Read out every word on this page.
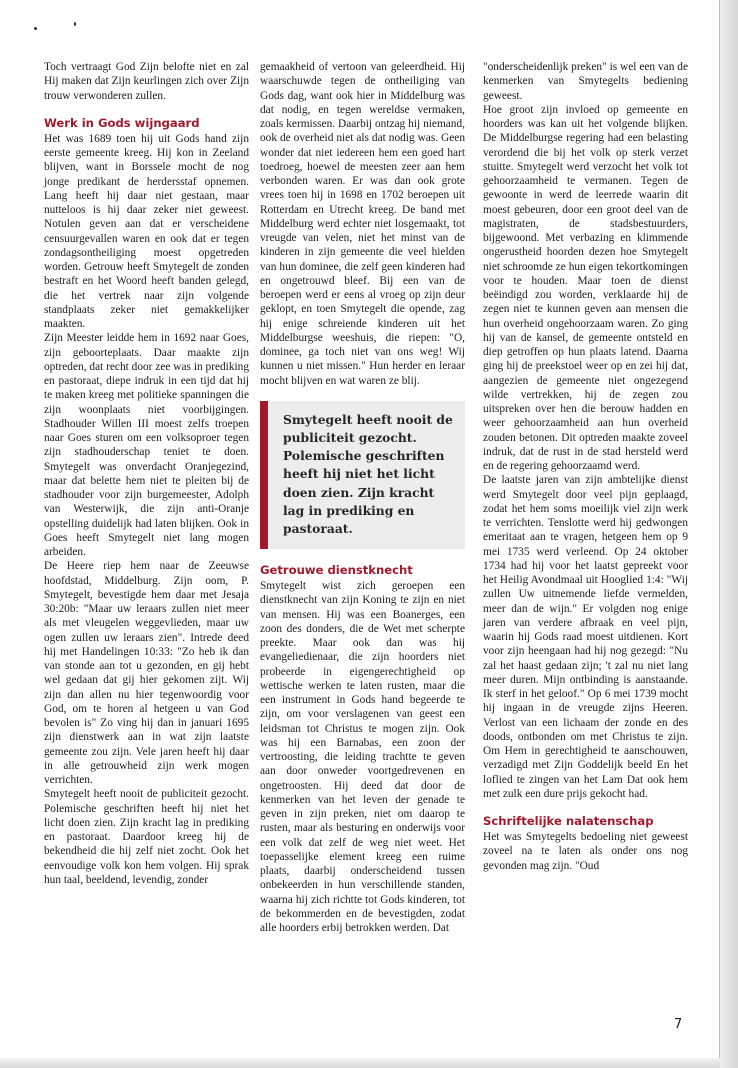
Toch vertraagt God Zijn belofte niet en zal Hij maken dat Zijn keurlingen zich over Zijn trouw verwonderen zullen.

Werk in Gods wijngaard

Het was 1689 toen hij uit Gods hand zijn eerste gemeente kreeg. Hij kon in Zeeland blijven, want in Borssele mocht de nog jonge predikant de herdersstaf opnemen. Lang heeft hij daar niet gestaan, maar nutteloos is hij daar zeker niet geweest. Notulen geven aan dat er verscheidene censuurgevallen waren en ook dat er tegen zondagsontheiliging moest opgetreden worden. Getrouw heeft Smytegelt de zonden bestraft en het Woord heeft banden gelegd, die het vertrek naar zijn volgende standplaats zeker niet gemakkelijker maakten.

Zijn Meester leidde hem in 1692 naar Goes, zijn geboorteplaats. Daar maakte zijn optreden, dat recht door zee was in prediking en pastoraat, diepe indruk in een tijd dat hij te maken kreeg met politieke spanningen die zijn woonplaats niet voorbijgingen. Stadhouder Willen III moest zelfs troepen naar Goes sturen om een volksoproer tegen zijn stadhouderschap teniet te doen. Smytegelt was onverdacht Oranjegezind, maar dat belette hem niet te pleiten bij de stadhouder voor zijn burgemeester, Adolph van Westerwijk, die zijn anti-Oranje opstelling duidelijk had laten blijken. Ook in Goes heeft Smytegelt niet lang mogen arbeiden.

De Heere riep hem naar de Zeeuwse hoofdstad, Middelburg. Zijn oom, P. Smytegelt, bevestigde hem daar met Jesaja 30:20b: "Maar uw leraars zullen niet meer als met vleugelen weggevlieden, maar uw ogen zullen uw leraars zien". Intrede deed hij met Handelingen 10:33: "Zo heb ik dan van stonde aan tot u gezonden, en gij hebt wel gedaan dat gij hier gekomen zijt. Wij zijn dan allen nu hier tegenwoordig voor God, om te horen al hetgeen u van God bevolen is" Zo ving hij dan in januari 1695 zijn dienstwerk aan in wat zijn laatste gemeente zou zijn. Vele jaren heeft hij daar in alle getrouwheid zijn werk mogen verrichten.

Smytegelt heeft nooit de publiciteit gezocht. Polemische geschriften heeft hij niet het licht doen zien. Zijn kracht lag in prediking en pastoraat. Daardoor kreeg hij de bekendheid die hij zelf niet zocht. Ook het eenvoudige volk kon hem volgen. Hij sprak hun taal, beeldend, levendig, zonder

gemaakheid of vertoon van geleerdheid. Hij waarschuwde tegen de ontheiliging van Gods dag, want ook hier in Middelburg was dat nodig, en tegen wereldse vermaken, zoals kermissen. Daarbij ontzag hij niemand, ook de overheid niet als dat nodig was. Geen wonder dat niet iedereen hem een goed hart toedroeg, hoewel de meesten zeer aan hem verbonden waren. Er was dan ook grote vrees toen hij in 1698 en 1702 beroepen uit Rotterdam en Utrecht kreeg. De band met Middelburg werd echter niet losgemaakt, tot vreugde van velen, niet het minst van de kinderen in zijn gemeente die veel hielden van hun dominee, die zelf geen kinderen had en ongetrouwd bleef. Bij een van de beroepen werd er eens al vroeg op zijn deur geklopt, en toen Smytegelt die opende, zag hij enige schreiende kinderen uit het Middelburgse weeshuis, die riepen: "O, dominee, ga toch niet van ons weg! Wij kunnen u niet missen." Hun herder en leraar mocht blijven en wat waren ze blij.

Smytegelt heeft nooit de publiciteit gezocht. Polemische geschriften heeft hij niet het licht doen zien. Zijn kracht lag in prediking en pastoraat.
Getrouwe dienstknecht

Smytegelt wist zich geroepen een dienstknecht van zijn Koning te zijn en niet van mensen. Hij was een Boanerges, een zoon des donders, die de Wet met scherpte preekte. Maar ook dan was hij evangeliedienaar, die zijn hoorders niet probeerde in eigengerechtigheid op wettische werken te laten rusten, maar die een instrument in Gods hand begeerde te zijn, om voor verslagenen van geest een leidsman tot Christus te mogen zijn. Ook was hij een Barnabas, een zoon der vertroosting, die leiding trachtte te geven aan door onweder voortgedrevenen en ongetroosten. Hij deed dat door de kenmerken van het leven der genade te geven in zijn preken, niet om daarop te rusten, maar als besturing en onderwijs voor een volk dat zelf de weg niet weet. Het toepasselijke element kreeg een ruime plaats, daarbij onderscheidend tussen onbekeerden in hun verschillende standen, waarna hij zich richtte tot Gods kinderen, tot de bekommerden en de bevestigden, zodat alle hoorders erbij betrokken werden. Dat

"onderscheidenlijk preken" is wel een van de kenmerken van Smytegelts bediening geweest.

Hoe groot zijn invloed op gemeente en hoorders was kan uit het volgende blijken. De Middelburgse regering had een belasting verordend die bij het volk op sterk verzet stuitte. Smytegelt werd verzocht het volk tot gehoorzaamheid te vermanen. Tegen de gewoonte in werd de leerrede waarin dit moest gebeuren, door een groot deel van de magistraten, de stadsbestuurders, bijgewoond. Met verbazing en klimmende ongerustheid hoorden dezen hoe Smytegelt niet schroomde ze hun eigen tekortkomingen voor te houden. Maar toen de dienst beëindigd zou worden, verklaarde hij de zegen niet te kunnen geven aan mensen die hun overheid ongehoorzaam waren. Zo ging hij van de kansel, de gemeente ontsteld en diep getroffen op hun plaats latend. Daarna ging hij de preekstoel weer op en zei hij dat, aangezien de gemeente niet ongezegend wilde vertrekken, hij de zegen zou uitspreken over hen die berouw hadden en weer gehoorzaamheid aan hun overheid zouden betonen. Dit optreden maakte zoveel indruk, dat de rust in de stad hersteld werd en de regering gehoorzaamd werd.

De laatste jaren van zijn ambtelijke dienst werd Smytegelt door veel pijn geplaagd, zodat het hem soms moeilijk viel zijn werk te verrichten. Tenslotte werd hij gedwongen emeritaat aan te vragen, hetgeen hem op 9 mei 1735 werd verleend. Op 24 oktober 1734 had hij voor het laatst gepreekt voor het Heilig Avondmaal uit Hooglied 1:4: "Wij zullen Uw uitnemende liefde vermelden, meer dan de wijn." Er volgden nog enige jaren van verdere afbraak en veel pijn, waarin hij Gods raad moest uitdienen. Kort voor zijn heengaan had hij nog gezegd: "Nu zal het haast gedaan zijn; 't zal nu niet lang meer duren. Mijn ontbinding is aanstaande. Ik sterf in het geloof." Op 6 mei 1739 mocht hij ingaan in de vreugde zijns Heeren. Verlost van een lichaam der zonde en des doods, ontbonden om met Christus te zijn. Om Hem in gerechtigheid te aanschouwen, verzadigd met Zijn Goddelijk beeld En het loflied te zingen van het Lam Dat ook hem met zulk een dure prijs gekocht had.

Schriftelijke nalatenschap

Het was Smytegelts bedoeling niet geweest zoveel na te laten als onder ons nog gevonden mag zijn. "Oud

7
